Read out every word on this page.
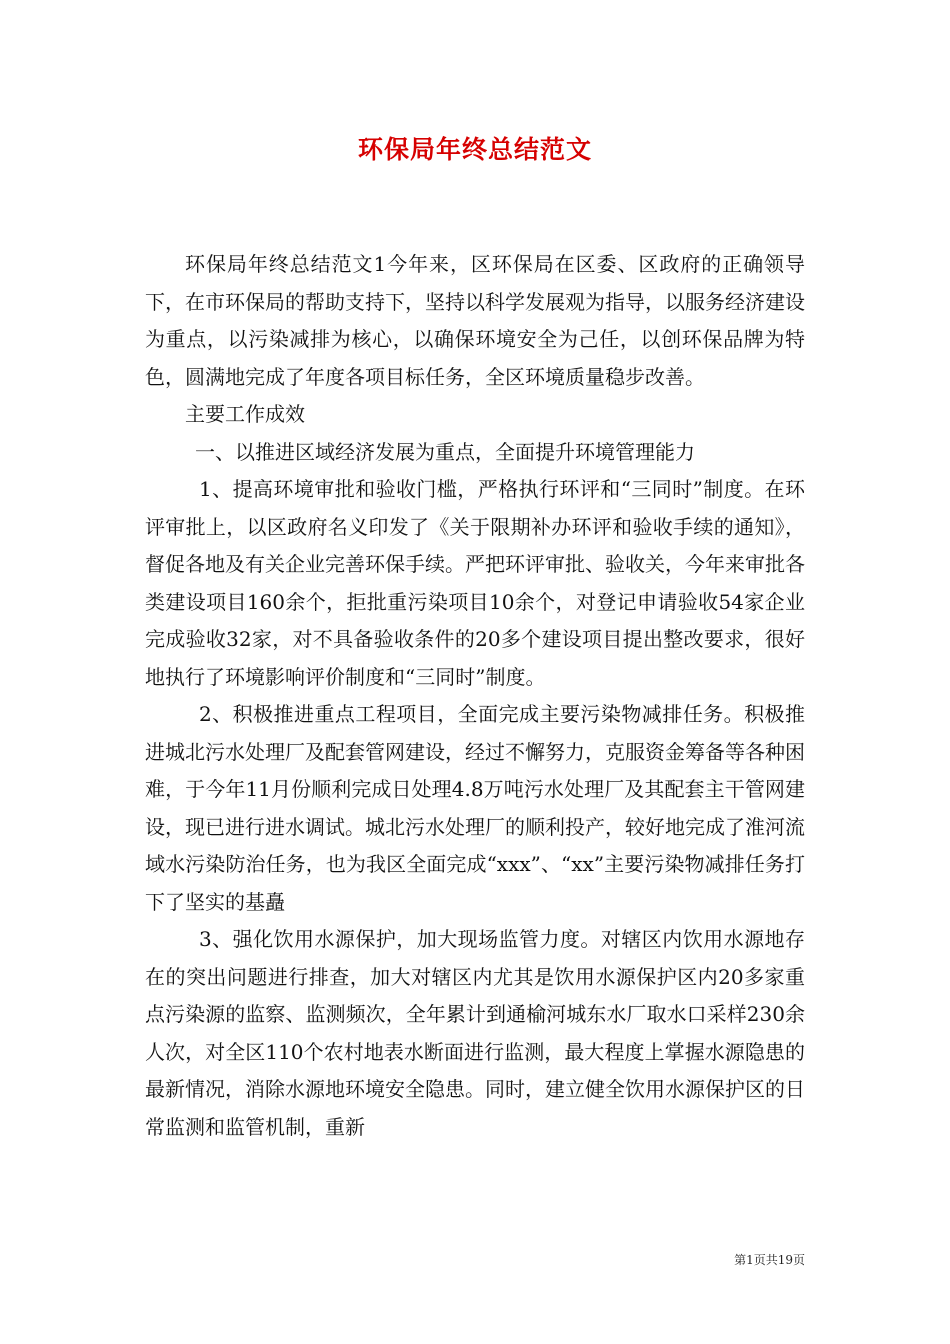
环保局年终总结范文

环保局年终总结范文1今年来，区环保局在区委、区政府的正确领导下，在市环保局的帮助支持下，坚持以科学发展观为指导，以服务经济建设为重点，以污染减排为核心，以确保环境安全为己任，以创环保品牌为特色，圆满地完成了年度各项目标任务，全区环境质量稳步改善。

主要工作成效

一、以推进区域经济发展为重点，全面提升环境管理能力

1、提高环境审批和验收门槛，严格执行环评和“三同时”制度。在环评审批上，以区政府名义印发了《关于限期补办环评和验收手续的通知》，督促各地及有关企业完善环保手续。严把环评审批、验收关，今年来审批各类建设项目160余个，拒批重污染项目10余个，对登记申请验收54家企业完成验收32家，对不具备验收条件的20多个建设项目提出整改要求，很好地执行了环境影响评价制度和“三同时”制度。

2、积极推进重点工程项目，全面完成主要污染物减排任务。积极推进城北污水处理厂及配套管网建设，经过不懈努力，克服资金筹备等各种困难，于今年11月份顺利完成日处理4.8万吨污水处理厂及其配套主干管网建设，现已进行进水调试。城北污水处理厂的顺利投产，较好地完成了淮河流域水污染防治任务，也为我区全面完成“xxx”、“xx”主要污染物减排任务打下了坚实的基矗

3、强化饮用水源保护，加大现场监管力度。对辖区内饮用水源地存在的突出问题进行排查，加大对辖区内尤其是饮用水源保护区内20多家重点污染源的监察、监测频次，全年累计到通榆河城东水厂取水口采样230余人次，对全区110个农村地表水断面进行监测，最大程度上掌握水源隐患的最新情况，消除水源地环境安全隐患。同时，建立健全饮用水源保护区的日常监测和监管机制，重新

第1页共19页
